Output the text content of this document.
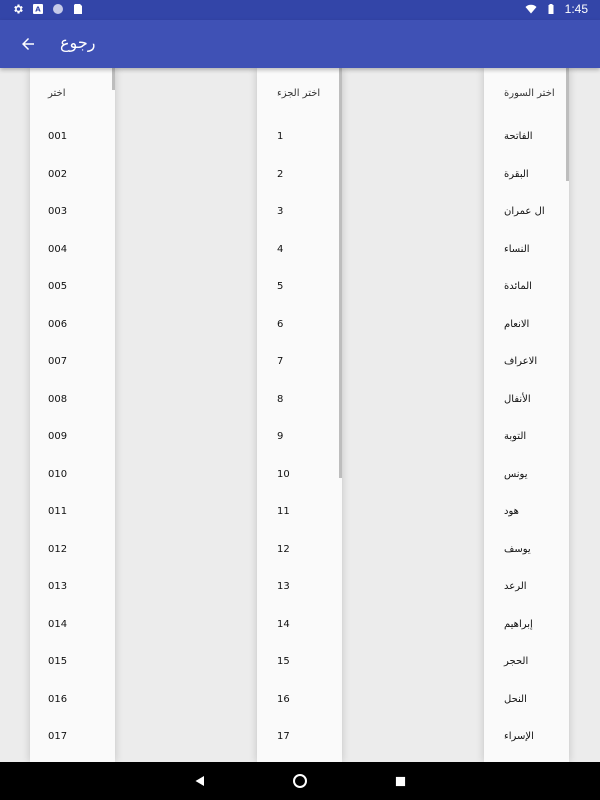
A	1:45
رجوع
اختر
001
002
003
004
005
006
007
008
009
010
011
012
013
014
015
016
017
اختر الجزء
1
2
3
4
5
6
7
8
9
10
11
12
13
14
15
16
17
اختر السورة
الفاتحة
البقرة
ال عمران
النساء
المائدة
الانعام
الاعراف
الأنفال
التوبة
يونس
هود
يوسف
الرعد
إبراهيم
الحجر
النحل
الإسراء
